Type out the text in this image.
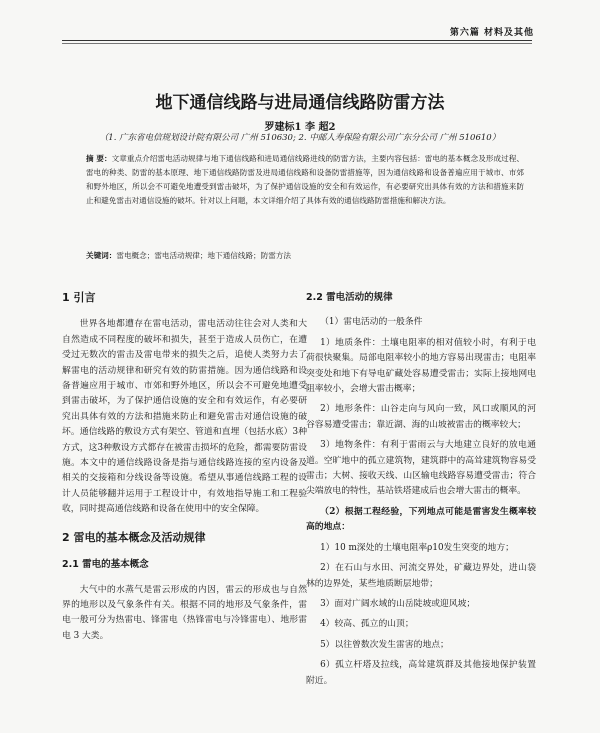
第六篇 材料及其他
地下通信线路与进局通信线路防雷方法
罗建标1 李 超2
（1. 广东省电信规划设计院有限公司 广州 510630; 2. 中邮人寿保险有限公司广东分公司 广州 510610）
摘 要：文章重点介绍雷电活动规律与地下通信线路和进局通信线路进线的防雷方法，主要内容包括：雷电的基本概念及形成过程、雷电的种类、防雷的基本原理、地下通信线路防雷及进局通信线路和设备防雷措施等，因为通信线路和设备普遍应用于城市、市郊和野外地区，所以会不可避免地遭受到雷击破坏，为了保护通信设施的安全和有效运作，有必要研究出具体有效的方法和措施来防止和避免雷击对通信设施的破坏。针对以上问题，本文详细介绍了具体有效的通信线路防雷措施和解决方法。
关键词：雷电概念；雷电活动规律；地下通信线路；防雷方法
1 引言
世界各地都遭存在雷电活动，雷电活动往往会对人类和大自然造成不同程度的破坏和损失，甚至于造成人员伤亡，在遭受过无数次的雷击及雷电带来的损失之后，追使人类努力去了解雷电的活动规律和研究有效的防雷措施。因为通信线路和设备普遍应用于城市、市郊和野外地区，所以会不可避免地遭受到雷击破坏，为了保护通信设施的安全和有效运作，有必要研究出具体有效的方法和措施来防止和避免雷击对通信设施的破坏。通信线路的敷设方式有架空、管道和直埋（包括水底）3种方式，这3种敷设方式都存在被雷击损坏的危险，都需要防雷设施。本文中的通信线路设备是指与通信线路连接的室内设备及相关的交接箱和分线设备等设施。希望从事通信线路工程的设计人员能够翻并运用于工程设计中，有效地指导施工和工程验收，同时提高通信线路和设备在使用中的安全保障。
2 雷电的基本概念及活动规律
2.1 雷电的基本概念
大气中的水蒸气是雷云形成的内因，雷云的形成也与自然界的地形以及气象条件有关。根据不同的地形及气象条件，雷电一般可分为热雷电、锋雷电（热锋雷电与冷锋雷电）、地形雷电 3 大类。
2.2 雷电活动的规律
（1）雷电活动的一般条件
1）地质条件：土壤电阻率的相对值较小时，有利于电荷很快聚集。局部电阻率较小的地方容易出现雷击；电阻率突变处和地下有导电矿藏处容易遭受雷击；实际上接地网电阻率较小，会增大雷击概率；
2）地形条件：山谷走向与风向一致，风口或顺风的河谷容易遭受雷击；靠近湖、海的山坡被雷击的概率较大；
3）地物条件：有利于雷雨云与大地建立良好的放电通道。空旷地中的孤立建筑物，建筑群中的高耸建筑物容易受雷击；大树、接收天线、山区输电线路容易遭受雷击；符合尖端放电的特性，基站铁塔建成后也会增大雷击的概率。
（2）根据工程经验，下列地点可能是雷害发生概率较高的地点：
1）10 m深处的土壤电阻率ρ10发生突变的地方；
2）在石山与水田、河流交界处，矿藏边界处，进山袋林的边界处，某些地质断层地带；
3）面对广阔水域的山岳陡坡或迎风坡；
4）较高、孤立的山顶；
5）以往曾数次发生雷害的地点；
6）孤立杆塔及拉线，高耸建筑群及其他接地保护装置附近。
